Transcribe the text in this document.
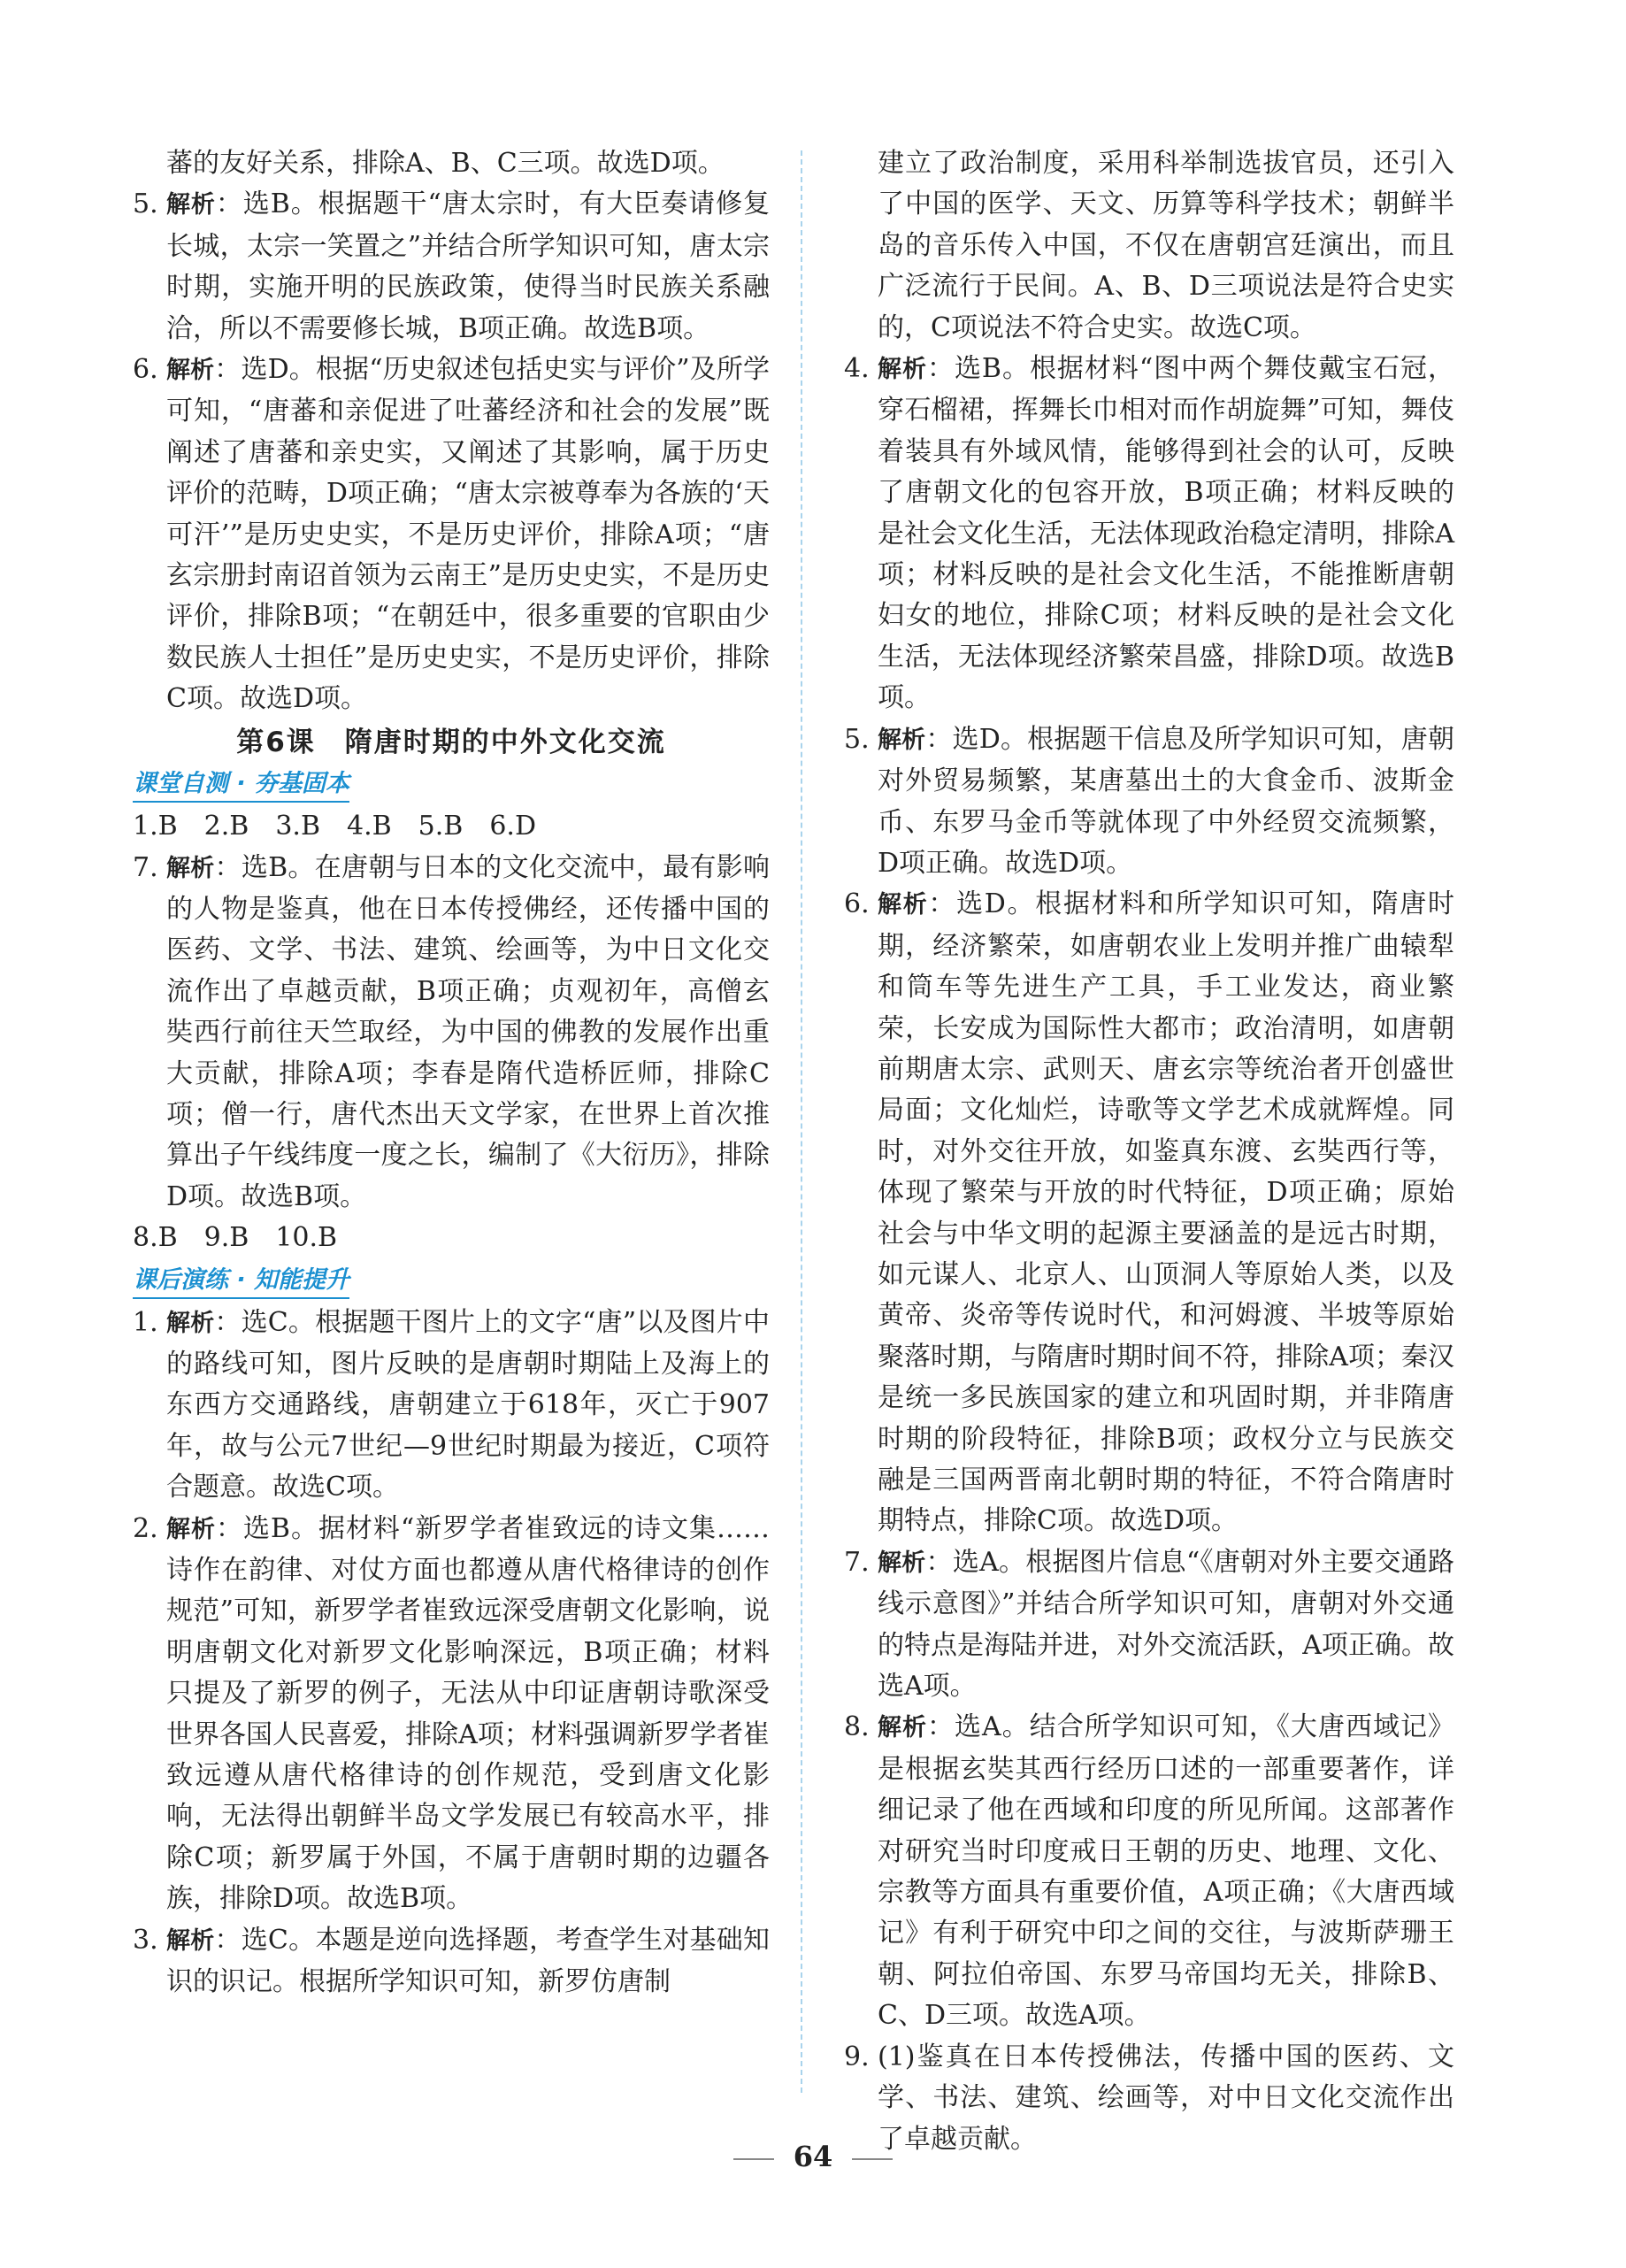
蕃的友好关系，排除A、B、C三项。故选D项。
5. 解析：选B。根据题干“唐太宗时，有大臣奏请修复长城，太宗一笑置之”并结合所学知识可知，唐太宗时期，实施开明的民族政策，使得当时民族关系融洽，所以不需要修长城，B项正确。故选B项。
6. 解析：选D。根据“历史叙述包括史实与评价”及所学可知，“唐蕃和亲促进了吐蕃经济和社会的发展”既阐述了唐蕃和亲史实，又阐述了其影响，属于历史评价的范畴，D项正确；“唐太宗被尊奉为各族的‘天可汗’”是历史史实，不是历史评价，排除A项；“唐玄宗册封南诏首领为云南王”是历史史实，不是历史评价，排除B项；“在朝廷中，很多重要的官职由少数民族人士担任”是历史史实，不是历史评价，排除C项。故选D项。
第6课　隋唐时期的中外文化交流
课堂自测 · 夯基固本
1.B　2.B　3.B　4.B　5.B　6.D
7. 解析：选B。在唐朝与日本的文化交流中，最有影响的人物是鉴真，他在日本传授佛经，还传播中国的医药、文学、书法、建筑、绘画等，为中日文化交流作出了卓越贡献，B项正确；贞观初年，高僧玄奘西行前往天竺取经，为中国的佛教的发展作出重大贡献，排除A项；李春是隋代造桥匠师，排除C项；僧一行，唐代杰出天文学家，在世界上首次推算出子午线纬度一度之长，编制了《大衍历》，排除D项。故选B项。
8.B　9.B　10.B
课后演练 · 知能提升
1. 解析：选C。根据题干图片上的文字“唐”以及图片中的路线可知，图片反映的是唐朝时期陆上及海上的东西方交通路线，唐朝建立于618年，灭亡于907年，故与公元7世纪—9世纪时期最为接近，C项符合题意。故选C项。
2. 解析：选B。据材料“新罗学者崔致远的诗文集……诗作在韵律、对仗方面也都遵从唐代格律诗的创作规范”可知，新罗学者崔致远深受唐朝文化影响，说明唐朝文化对新罗文化影响深远，B项正确；材料只提及了新罗的例子，无法从中印证唐朝诗歌深受世界各国人民喜爱，排除A项；材料强调新罗学者崔致远遵从唐代格律诗的创作规范，受到唐文化影响，无法得出朝鲜半岛文学发展已有较高水平，排除C项；新罗属于外国，不属于唐朝时期的边疆各族，排除D项。故选B项。
3. 解析：选C。本题是逆向选择题，考查学生对基础知识的识记。根据所学知识可知，新罗仿唐制
建立了政治制度，采用科举制选拔官员，还引入了中国的医学、天文、历算等科学技术；朝鲜半岛的音乐传入中国，不仅在唐朝宫廷演出，而且广泛流行于民间。A、B、D三项说法是符合史实的，C项说法不符合史实。故选C项。
4. 解析：选B。根据材料“图中两个舞伎戴宝石冠，穿石榴裙，挥舞长巾相对而作胡旋舞”可知，舞伎着装具有外域风情，能够得到社会的认可，反映了唐朝文化的包容开放，B项正确；材料反映的是社会文化生活，无法体现政治稳定清明，排除A项；材料反映的是社会文化生活，不能推断唐朝妇女的地位，排除C项；材料反映的是社会文化生活，无法体现经济繁荣昌盛，排除D项。故选B项。
5. 解析：选D。根据题干信息及所学知识可知，唐朝对外贸易频繁，某唐墓出土的大食金币、波斯金币、东罗马金币等就体现了中外经贸交流频繁，D项正确。故选D项。
6. 解析：选D。根据材料和所学知识可知，隋唐时期，经济繁荣，如唐朝农业上发明并推广曲辕犁和筒车等先进生产工具，手工业发达，商业繁荣，长安成为国际性大都市；政治清明，如唐朝前期唐太宗、武则天、唐玄宗等统治者开创盛世局面；文化灿烂，诗歌等文学艺术成就辉煌。同时，对外交往开放，如鉴真东渡、玄奘西行等，体现了繁荣与开放的时代特征，D项正确；原始社会与中华文明的起源主要涵盖的是远古时期，如元谋人、北京人、山顶洞人等原始人类，以及黄帝、炎帝等传说时代，和河姆渡、半坡等原始聚落时期，与隋唐时期时间不符，排除A项；秦汉是统一多民族国家的建立和巩固时期，并非隋唐时期的阶段特征，排除B项；政权分立与民族交融是三国两晋南北朝时期的特征，不符合隋唐时期特点，排除C项。故选D项。
7. 解析：选A。根据图片信息“《唐朝对外主要交通路线示意图》”并结合所学知识可知，唐朝对外交通的特点是海陆并进，对外交流活跃，A项正确。故选A项。
8. 解析：选A。结合所学知识可知，《大唐西域记》是根据玄奘其西行经历口述的一部重要著作，详细记录了他在西域和印度的所见所闻。这部著作对研究当时印度戒日王朝的历史、地理、文化、宗教等方面具有重要价值，A项正确；《大唐西域记》有利于研究中印之间的交往，与波斯萨珊王朝、阿拉伯帝国、东罗马帝国均无关，排除B、C、D三项。故选A项。
9. (1)鉴真在日本传授佛法，传播中国的医药、文学、书法、建筑、绘画等，对中日文化交流作出了卓越贡献。
64
